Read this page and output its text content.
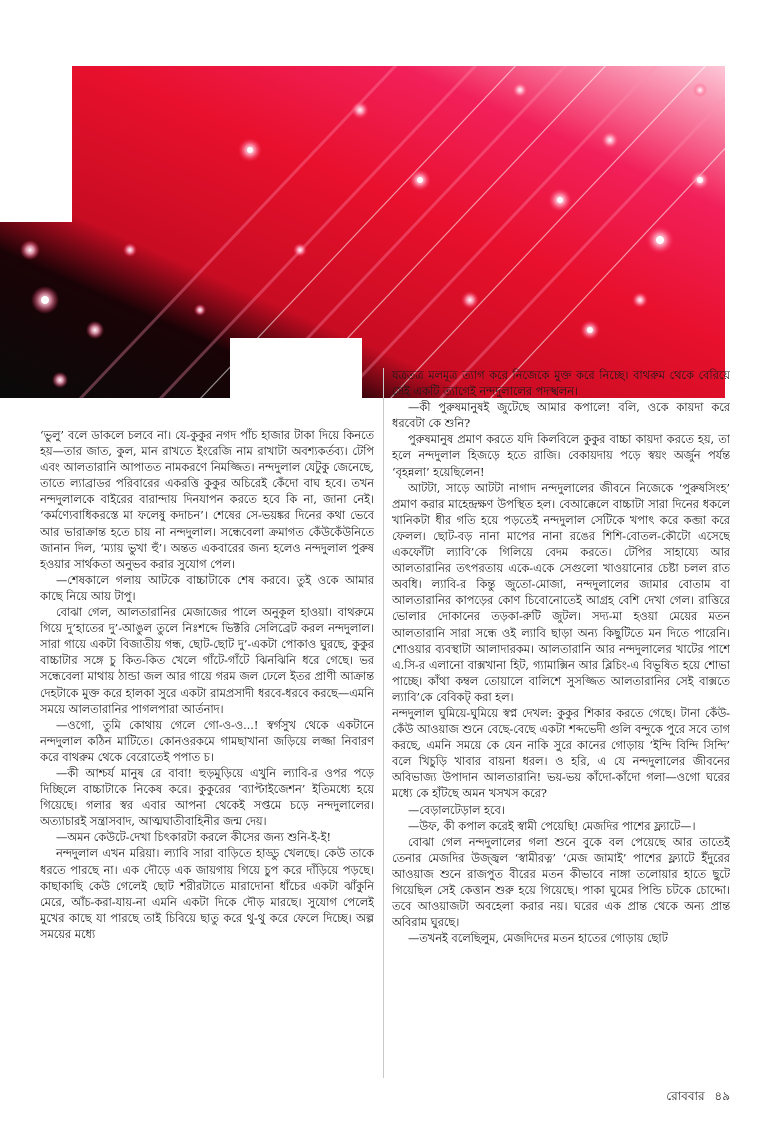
‘ভুলু’ বলে ডাকলে চলবে না। যে-কুকুর নগদ পাঁচ হাজার টাকা দিয়ে কিনতে হয়—তার জাত, কুল, মান রাখতে ইংরেজি নাম রাখাটা অবশ্যকর্তব্য। টেপি এবং আলতারানি আপাতত নামকরণে নিমজ্জিত। নন্দদুলাল যেটুকু জেনেছে, তাতে ল্যাব্রাডর পরিবারের একরত্তি কুকুর অচিরেই কেঁদো বাঘ হবে। তখন নন্দদুলালকে বাইরের বারান্দায় দিনযাপন করতে হবে কি না, জানা নেই। ‘কর্মণ্যেবাধিকরস্তে মা ফলেষু কদাচন’। শেষের সে-ভয়ঙ্কর দিনের কথা ভেবে আর ভারাক্রান্ত হতে চায় না নন্দদুলাল। সন্ধেবেলা ক্রমাগত কেঁউকেঁউনিতে জানান দিল, ‘ম্যায় ভুখা হুঁ’। অন্তত একবারের জন্য হলেও নন্দদুলাল পুরুষ হওয়ার সার্থকতা অনুভব করার সুযোগ পেল।

—শেষকালে গলায় আটকে বাচ্চাটাকে শেষ করবে। তুই ওকে আমার কাছে নিয়ে আয় টাপু।

বোঝা গেল, আলতারানির মেজাজের পালে অনুকূল হাওয়া। বাথরুমে গিয়ে দু’হাতের দু’-আঙুল তুলে নিঃশব্দে ভিক্টরি সেলিব্রেট করল নন্দদুলাল। সারা গায়ে একটা বিজাতীয় গন্ধ, ছোট-ছোট দু’-একটা পোকাও ঘুরছে, কুকুর বাচ্চাটার সঙ্গে চু কিত-কিত খেলে গাঁটে-গাঁটে ঝিনঝিনি ধরে গেছে। ভর সন্ধেবেলা মাথায় ঠান্ডা জল আর গায়ে গরম জল ঢেলে ইতর প্রাণী আক্রান্ত দেহটাকে মুক্ত করে হালকা সুরে একটা রামপ্রসাদী ধরবে-ধরবে করছে—এমনি সময়ে আলতারানির পাগলপারা আর্তনাদ।

—ওগো, তুমি কোথায় গেলে গো-ও-ও...! স্বর্গসুখ থেকে একটানে নন্দদুলাল কঠিন মাটিতে। কোনওরকমে গামছাখানা জড়িয়ে লজ্জা নিবারণ করে বাথরুম থেকে বেরোতেই পপাত চ।

—কী আশ্চর্য মানুষ রে বাবা! হুড়মুড়িয়ে এখুনি ল্যাবি-র ওপর পড়ে দিচ্ছিলে বাচ্চাটাকে নিকেষ করে। কুকুরের ‘ব্যাপ্টাইজেশন’ ইতিমধ্যে হয়ে গিয়েছে। গলার স্বর এবার আপনা থেকেই সপ্তমে চড়ে নন্দদুলালের। অত্যাচারই সন্ত্রাসবাদ, আত্মঘাতীবাহিনীর জন্ম দেয়।

—অমন কেউটে-দেখা চিৎকারটা করলে কীসের জন্য শুনি-ই-ই!

নন্দদুলাল এখন মরিয়া। ল্যাবি সারা বাড়িতে হাড্ডু খেলছে। কেউ তাকে ধরতে পারছে না। এক দৌড়ে এক জায়গায় গিয়ে চুপ করে দাঁড়িয়ে পড়ছে। কাছাকাছি কেউ গেলেই ছোট শরীরটাতে মারাদোনা ধাঁচের একটা ঝাঁকুনি মেরে, আঁচ-করা-যায়-না এমনি একটা দিকে দৌড় মারছে। সুযোগ পেলেই মুখের কাছে যা পারছে তাই চিবিয়ে ছাতু করে থু-থু করে ফেলে দিচ্ছে। অল্প সময়ের মধ্যে

যত্রতত্র মলমূত্র ত্যাগ করে নিজেকে মুক্ত করে নিচ্ছে। বাথরুম থেকে বেরিয়ে সেই একটি ত্যাগেই নন্দদুলালের পদস্খলন।

—কী পুরুষমানুষই জুটেছে আমার কপালে! বলি, ওকে কায়দা করে ধরবেটা কে শুনি?

পুরুষমানুষ প্রমাণ করতে যদি কিলবিলে কুকুর বাচ্চা কায়দা করতে হয়, তা হলে নন্দদুলাল হিজড়ে হতে রাজি। বেকায়দায় পড়ে স্বয়ং অর্জুন পর্যন্ত ‘বৃহন্নলা’ হয়েছিলেন!

আটটা, সাড়ে আটটা নাগাদ নন্দদুলালের জীবনে নিজেকে ‘পুরুষসিংহ’ প্রমাণ করার মাহেন্দ্রক্ষণ উপস্থিত হল। বেআক্কেলে বাচ্চাটা সারা দিনের ধকলে খানিকটা ধীর গতি হয়ে পড়তেই নন্দদুলাল সেটিকে খপাৎ করে কব্জা করে ফেলল। ছোট-বড় নানা মাপের নানা রঙের শিশি-বোতল-কৌটো এসেছে একফোঁটা ল্যাবি’কে গিলিয়ে বেদম করতে। টেপির সাহায্যে আর আলতারানির তৎপরতায় একে-একে সেগুলো খাওয়ানোর চেষ্টা চলল রাত অবধি। ল্যাবি-র কিন্তু জুতো-মোজা, নন্দদুলালের জামার বোতাম বা আলতারানির কাপড়ের কোণ চিবোনোতেই আগ্রহ বেশি দেখা গেল। রাত্তিরে ভোলার দোকানের তড়কা-রুটি জুটল। সদ্য-মা হওয়া মেয়ের মতন আলতারানি সারা সন্ধে ওই ল্যাবি ছাড়া অন্য কিছুটিতে মন দিতে পারেনি। শোওয়ার ব্যবস্থাটা আলাদারকম। আলতারানি আর নন্দদুলালের খাটের পাশে এ.সি-র এলানো বাক্সখানা হিট, গ্যামাক্সিন আর ব্লিচিং-এ বিভূষিত হয়ে শোভা পাচ্ছে। কাঁথা কম্বল তোয়ালে বালিশে সুসজ্জিত আলতারানির সেই বাক্সতে ল্যাবি’কে বেবিকট্ করা হল।

নন্দদুলাল ঘুমিয়ে-ঘুমিয়ে স্বপ্ন দেখল: কুকুর শিকার করতে গেছে। টানা কেঁউ-কেঁউ আওয়াজ শুনে বেছে-বেছে একটা শব্দভেদী গুলি বন্দুকে পুরে সবে তাগ করছে, এমনি সময়ে কে যেন নাকি সুরে কানের গোড়ায় ‘ইন্দি বিন্দি সিন্দি’ বলে খিচুড়ি খাবার বায়না ধরল। ও হরি, এ যে নন্দদুলালের জীবনের অবিভাজ্য উপাদান আলতারানি! ভয়-ভয় কাঁদো-কাঁদো গলা—ওগো ঘরের মধ্যে কে হাঁটছে অমন খসখস করে?

—বেড়ালটেড়াল হবে।

—উফ, কী কপাল করেই স্বামী পেয়েছি! মেজদির পাশের ফ্ল্যাটে—।

বোঝা গেল নন্দদুলালের গলা শুনে বুকে বল পেয়েছে আর তাতেই তেনার মেজদির উজ্জ্বল ‘স্বামীরত্ন’ ‘মেজ জামাই’ পাশের ফ্ল্যাটে ইঁদুরের আওয়াজ শুনে রাজপুত বীরের মতন কীভাবে নাঙ্গা তলোয়ার হাতে ছুটে গিয়েছিল সেই কেত্তান শুরু হয়ে গিয়েছে। পাকা ঘুমের পিন্ডি চটকে চোদ্দো। তবে আওয়াজটা অবহেলা করার নয়। ঘরের এক প্রান্ত থেকে অন্য প্রান্ত অবিরাম ঘুরছে।

—তখনই বলেছিলুম, মেজদিদের মতন হাতের গোড়ায় ছোট

রোববার ৪৯
